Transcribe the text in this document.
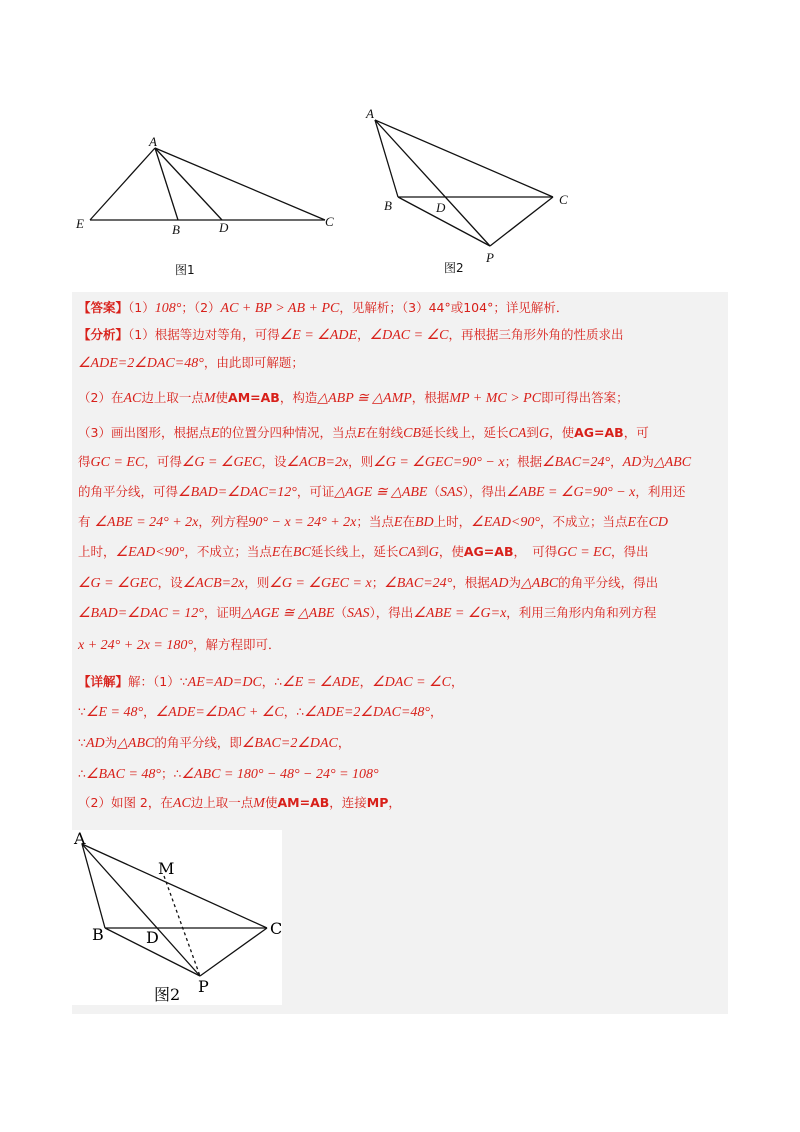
A
E	B	D	C
图1
A
B	D
C
P
图2
【答案】（1）108°；（2）AC + BP > AB + PC，见解析；（3）44°或104°；详见解析．
【分析】（1）根据等边对等角，可得∠E = ∠ADE，∠DAC = ∠C，再根据三角形外角的性质求出
∠ADE=2∠DAC=48°，由此即可解题；
（2）在AC边上取一点M使AM=AB，构造△ABP ≅ △AMP，根据MP + MC > PC即可得出答案；
（3）画出图形，根据点E的位置分四种情况，当点E在射线CB延长线上，延长CA到G，使AG=AB，可
得GC = EC，可得∠G = ∠GEC，设∠ACB=2x，则∠G = ∠GEC=90° − x；根据∠BAC=24°，AD为△ABC
的角平分线，可得∠BAD=∠DAC=12°，可证△AGE ≅ △ABE（SAS），得出∠ABE = ∠G=90° − x，利用还
有 ∠ABE = 24° + 2x，列方程90° − x = 24° + 2x；当点E在BD上时，∠EAD<90°，不成立；当点E在CD
上时，∠EAD<90°，不成立；当点E在BC延长线上，延长CA到G，使AG=AB，　可得GC = EC，得出
∠G = ∠GEC，设∠ACB=2x，则∠G = ∠GEC = x；∠BAC=24°，根据AD为△ABC的角平分线，得出
∠BAD=∠DAC = 12°，证明△AGE ≅ △ABE（SAS），得出∠ABE = ∠G=x，利用三角形内角和列方程
x + 24° + 2x = 180°，解方程即可．
【详解】解：（1）∵AE=AD=DC，∴∠E = ∠ADE，∠DAC = ∠C，
∵∠E = 48°，∠ADE=∠DAC + ∠C，∴∠ADE=2∠DAC=48°，
∵AD为△ABC的角平分线，即∠BAC=2∠DAC，
∴∠BAC = 48°；∴∠ABC = 180° − 48° − 24° = 108°
（2）如图 2，在AC边上取一点M使AM=AB，连接MP，
A
M
B	D	C
P
图2
